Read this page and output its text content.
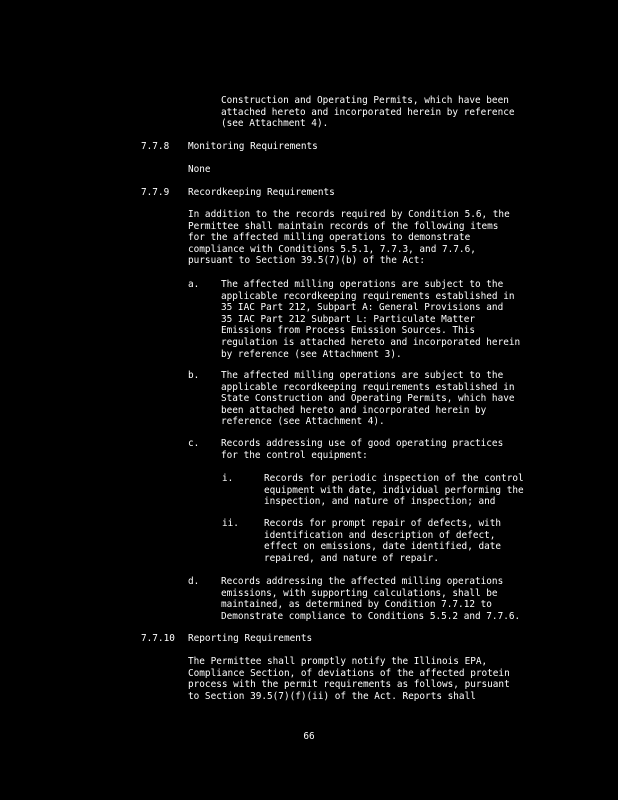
Construction and Operating Permits, which have been
attached hereto and incorporated herein by reference
(see Attachment 4).

7.7.8 Monitoring Requirements

None

7.7.9 Recordkeeping Requirements

In addition to the records required by Condition 5.6, the
Permittee shall maintain records of the following items
for the affected milling operations to demonstrate
compliance with Conditions 5.5.1, 7.7.3, and 7.7.6,
pursuant to Section 39.5(7)(b) of the Act:

a. The affected milling operations are subject to the
applicable recordkeeping requirements established in
35 IAC Part 212, Subpart A: General Provisions and
35 IAC Part 212 Subpart L: Particulate Matter
Emissions from Process Emission Sources. This
regulation is attached hereto and incorporated herein
by reference (see Attachment 3).

b. The affected milling operations are subject to the
applicable recordkeeping requirements established in
State Construction and Operating Permits, which have
been attached hereto and incorporated herein by
reference (see Attachment 4).

c. Records addressing use of good operating practices
for the control equipment:

i.	Records for periodic inspection of the control
equipment with date, individual performing the
inspection, and nature of inspection; and

ii.	Records for prompt repair of defects, with
identification and description of defect,
effect on emissions, date identified, date
repaired, and nature of repair.

d. Records addressing the affected milling operations
emissions, with supporting calculations, shall be
maintained, as determined by Condition 7.7.12 to
Demonstrate compliance to Conditions 5.5.2 and 7.7.6.

7.7.10 Reporting Requirements

The Permittee shall promptly notify the Illinois EPA,
Compliance Section, of deviations of the affected protein
process with the permit requirements as follows, pursuant
to Section 39.5(7)(f)(ii) of the Act. Reports shall

66
